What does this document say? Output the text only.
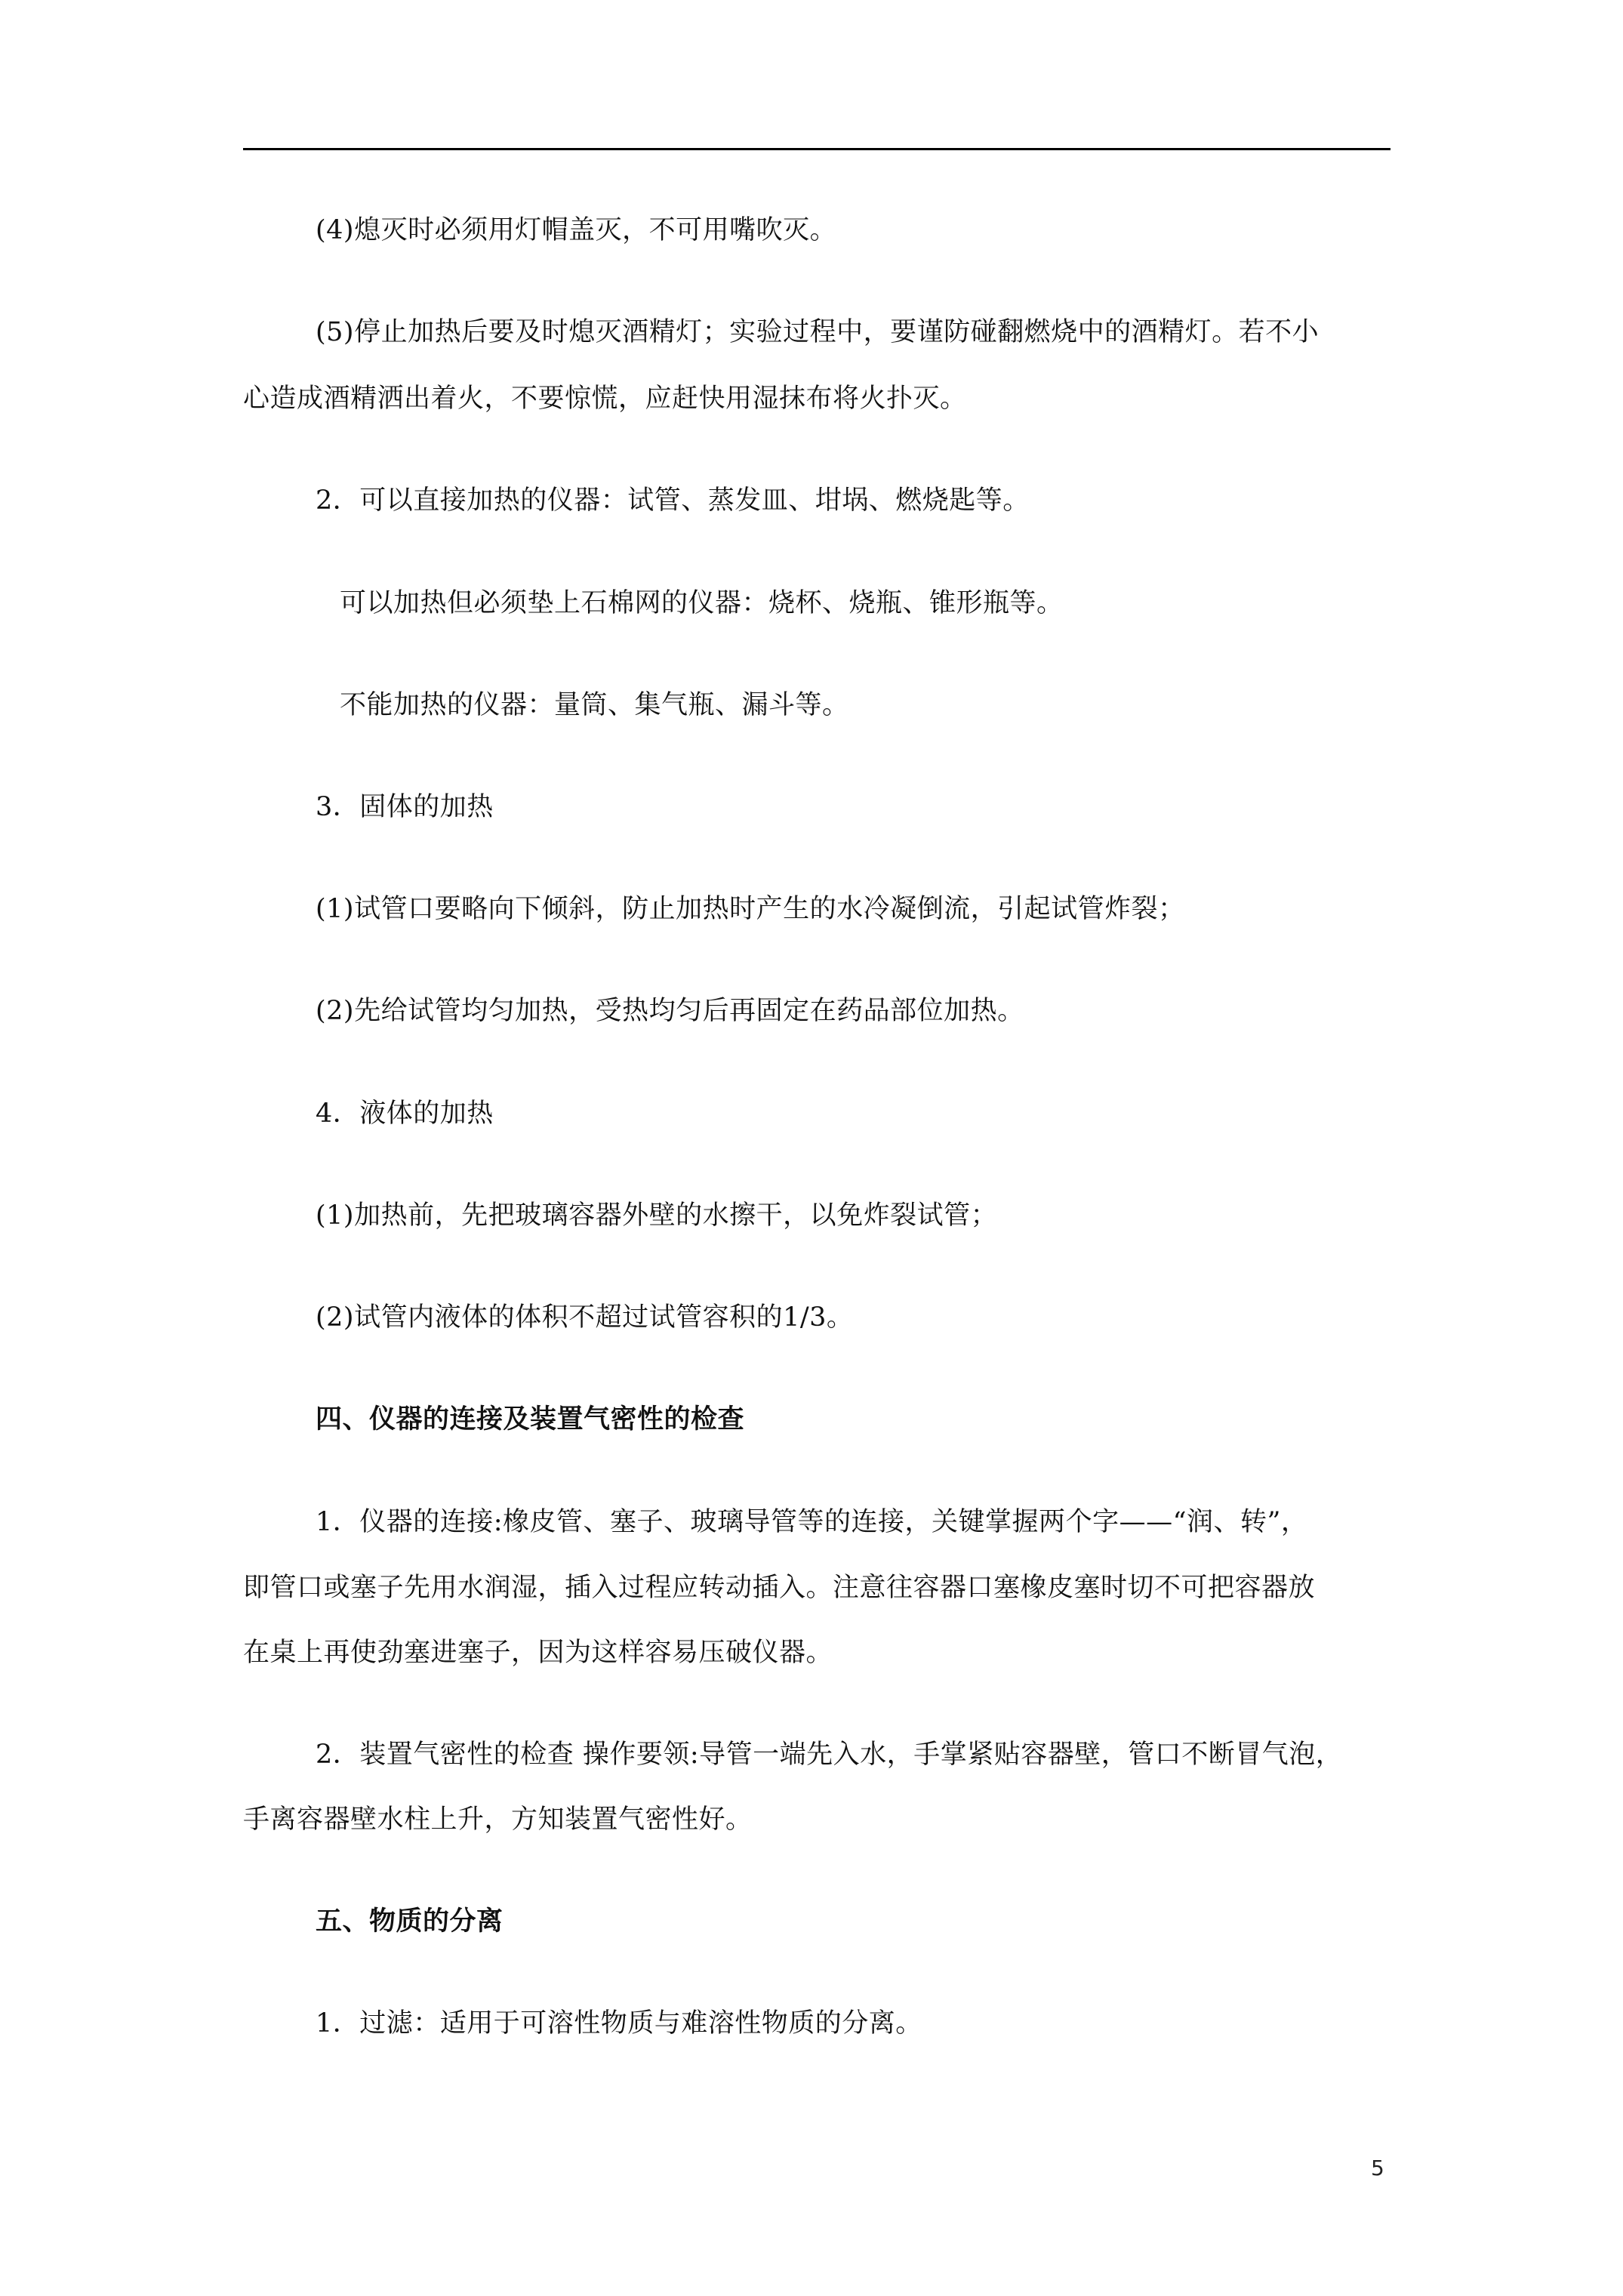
(4)熄灭时必须用灯帽盖灭，不可用嘴吹灭。
(5)停止加热后要及时熄灭酒精灯；实验过程中，要谨防碰翻燃烧中的酒精灯。若不小
心造成酒精洒出着火，不要惊慌，应赶快用湿抹布将火扑灭。
2．可以直接加热的仪器：试管、蒸发皿、坩埚、燃烧匙等。
可以加热但必须垫上石棉网的仪器：烧杯、烧瓶、锥形瓶等。
不能加热的仪器：量筒、集气瓶、漏斗等。
3．固体的加热
(1)试管口要略向下倾斜，防止加热时产生的水冷凝倒流，引起试管炸裂；
(2)先给试管均匀加热，受热均匀后再固定在药品部位加热。
4．液体的加热
(1)加热前，先把玻璃容器外壁的水擦干，以免炸裂试管；
(2)试管内液体的体积不超过试管容积的1/3。
四、仪器的连接及装置气密性的检查
1．仪器的连接:橡皮管、塞子、玻璃导管等的连接，关键掌握两个字——“润、转”，
即管口或塞子先用水润湿，插入过程应转动插入。注意往容器口塞橡皮塞时切不可把容器放
在桌上再使劲塞进塞子，因为这样容易压破仪器。
2．装置气密性的检查 操作要领:导管一端先入水，手掌紧贴容器壁，管口不断冒气泡，
手离容器壁水柱上升，方知装置气密性好。
五、物质的分离
1．过滤：适用于可溶性物质与难溶性物质的分离。
5
